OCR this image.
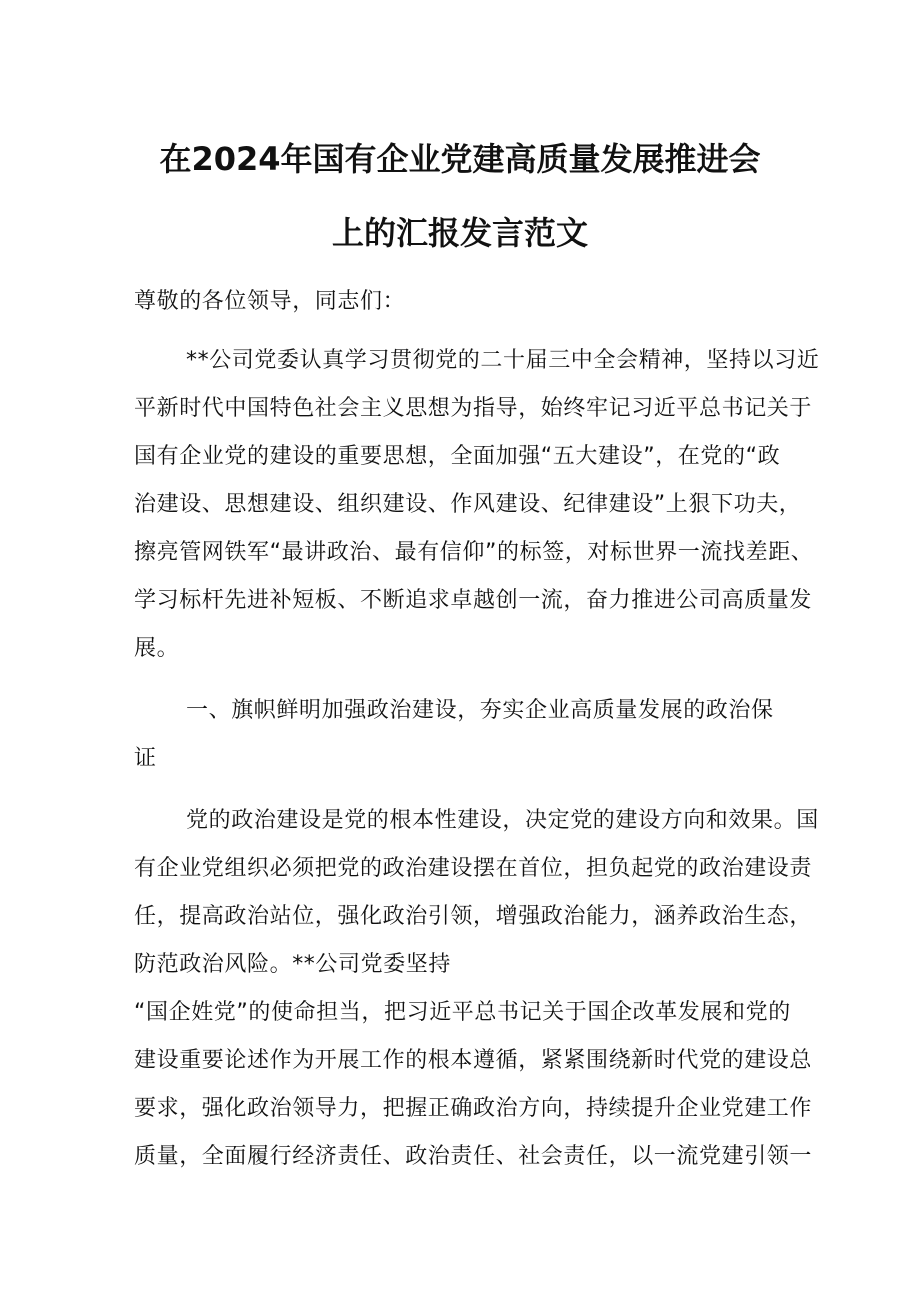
在2024年国有企业党建高质量发展推进会
上的汇报发言范文
尊敬的各位领导，同志们：
**公司党委认真学习贯彻党的二十届三中全会精神，坚持以习近
平新时代中国特色社会主义思想为指导，始终牢记习近平总书记关于
国有企业党的建设的重要思想，全面加强“五大建设”，在党的“政
治建设、思想建设、组织建设、作风建设、纪律建设”上狠下功夫，
擦亮管网铁军“最讲政治、最有信仰”的标签，对标世界一流找差距、
学习标杆先进补短板、不断追求卓越创一流，奋力推进公司高质量发
展。
一、旗帜鲜明加强政治建设，夯实企业高质量发展的政治保
证
党的政治建设是党的根本性建设，决定党的建设方向和效果。国
有企业党组织必须把党的政治建设摆在首位，担负起党的政治建设责
任，提高政治站位，强化政治引领，增强政治能力，涵养政治生态，
防范政治风险。**公司党委坚持
“国企姓党”的使命担当，把习近平总书记关于国企改革发展和党的
建设重要论述作为开展工作的根本遵循，紧紧围绕新时代党的建设总
要求，强化政治领导力，把握正确政治方向，持续提升企业党建工作
质量，全面履行经济责任、政治责任、社会责任，以一流党建引领一
